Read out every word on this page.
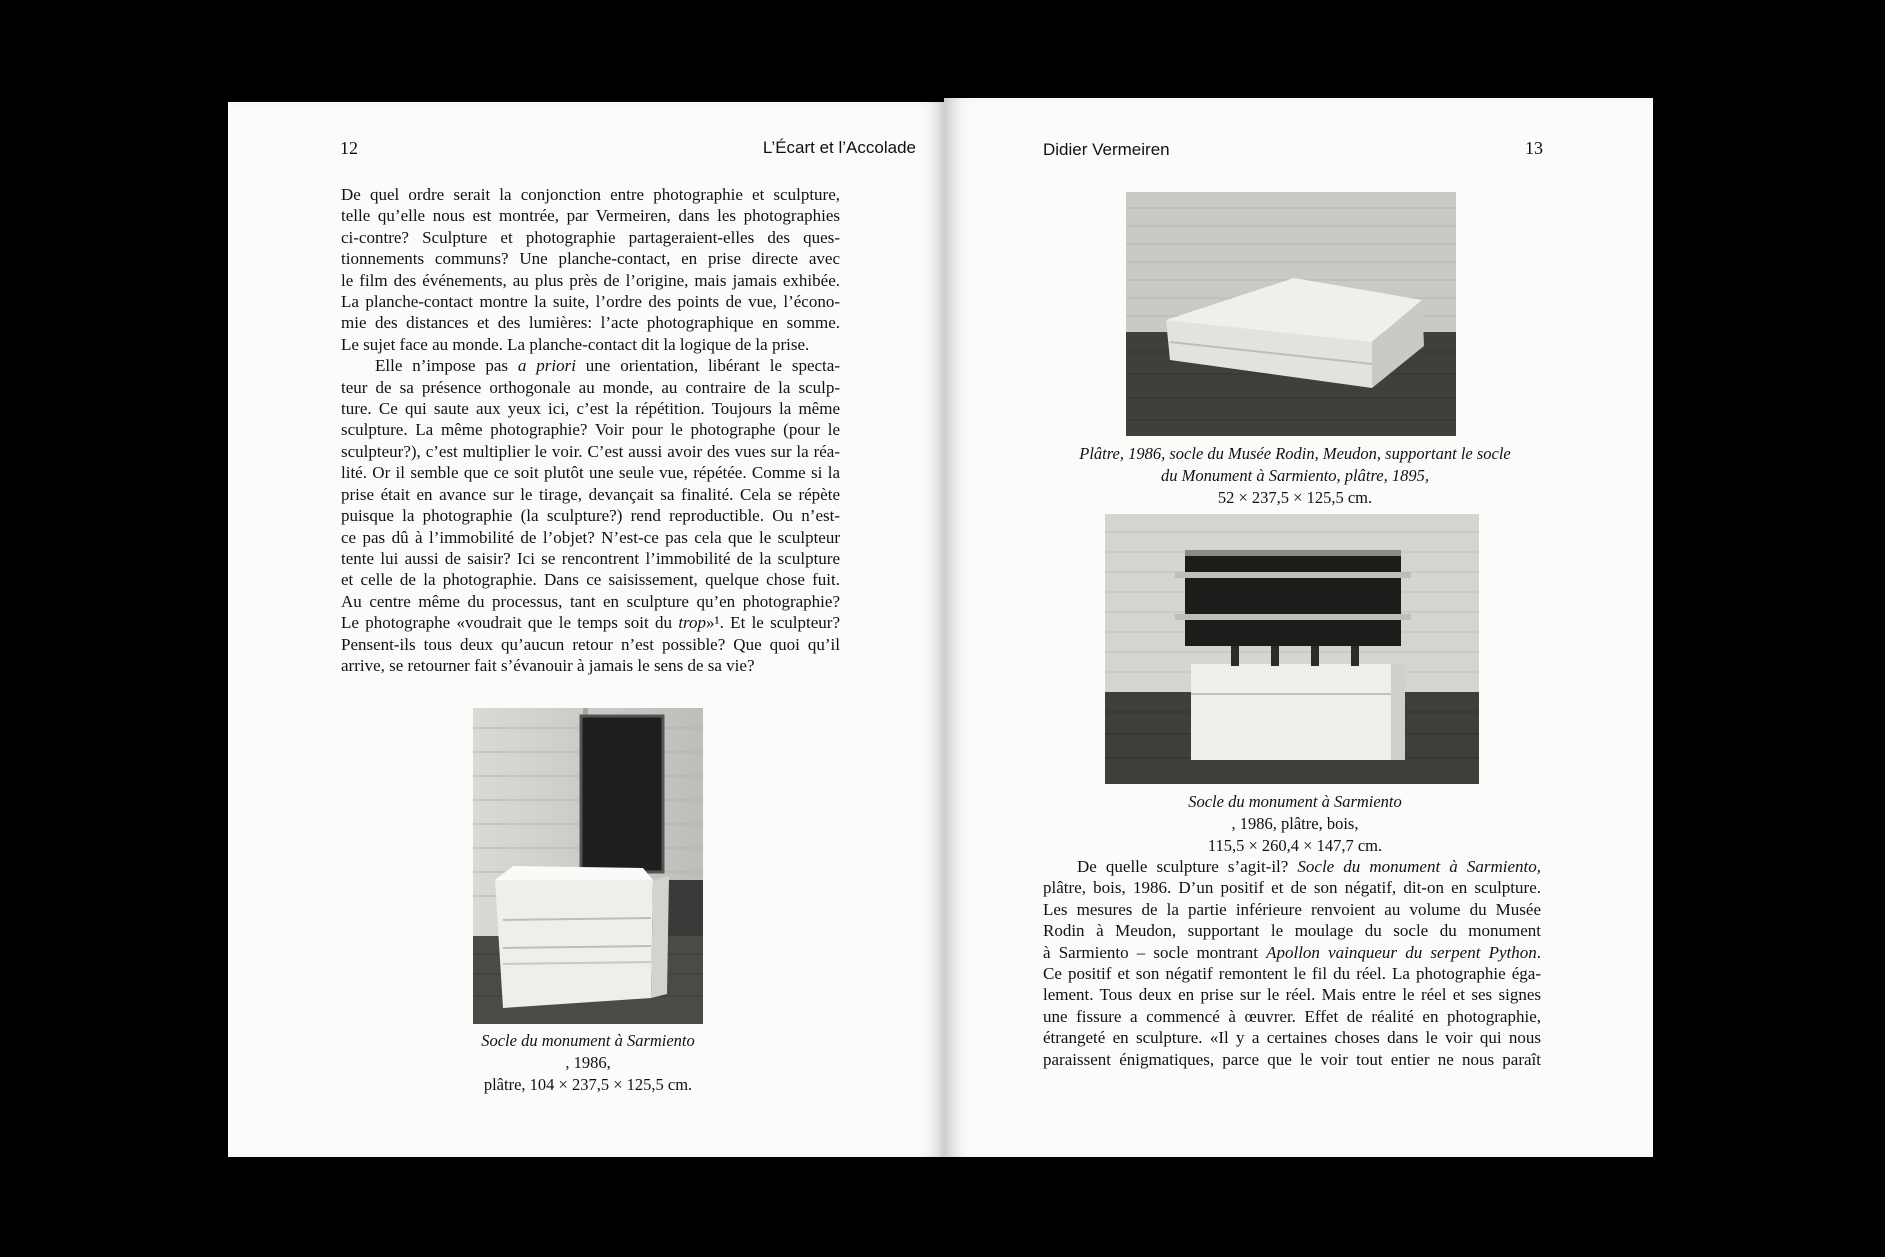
12	L’Écart et l’Accolade

De quel ordre serait la conjonction entre photographie et sculpture,
telle qu’elle nous est montrée, par Vermeiren, dans les photographies
ci-contre? Sculpture et photographie partageraient-elles des ques-
tionnements communs? Une planche-contact, en prise directe avec
le film des événements, au plus près de l’origine, mais jamais exhibée.
La planche-contact montre la suite, l’ordre des points de vue, l’écono-
mie des distances et des lumières: l’acte photographique en somme.
Le sujet face au monde. La planche-contact dit la logique de la prise.

Elle n’impose pas a priori une orientation, libérant le specta-
teur de sa présence orthogonale au monde, au contraire de la sculp-
ture. Ce qui saute aux yeux ici, c’est la répétition. Toujours la même
sculpture. La même photographie? Voir pour le photographe (pour le
sculpteur?), c’est multiplier le voir. C’est aussi avoir des vues sur la réa-
lité. Or il semble que ce soit plutôt une seule vue, répétée. Comme si la
prise était en avance sur le tirage, devançait sa finalité. Cela se répète
puisque la photographie (la sculpture?) rend reproductible. Ou n’est-
ce pas dû à l’immobilité de l’objet? N’est-ce pas cela que le sculpteur
tente lui aussi de saisir? Ici se rencontrent l’immobilité de la sculpture
et celle de la photographie. Dans ce saisissement, quelque chose fuit.
Au centre même du processus, tant en sculpture qu’en photographie?
Le photographe «voudrait que le temps soit du trop»¹. Et le sculpteur?
Pensent-ils tous deux qu’aucun retour n’est possible? Que quoi qu’il
arrive, se retourner fait s’évanouir à jamais le sens de sa vie?

Socle du monument à Sarmiento
, 1986,
plâtre, 104 × 237,5 × 125,5 cm.
Didier Vermeiren	13
Plâtre, 1986, socle du Musée Rodin, Meudon, supportant le socle
du Monument à Sarmiento, plâtre, 1895,
52 × 237,5 × 125,5 cm.
Socle du monument à Sarmiento
, 1986, plâtre, bois,
115,5 × 260,4 × 147,7 cm.

De quelle sculpture s’agit-il? Socle du monument à Sarmiento,
plâtre, bois, 1986. D’un positif et de son négatif, dit-on en sculpture.
Les mesures de la partie inférieure renvoient au volume du Musée
Rodin à Meudon, supportant le moulage du socle du monument
à Sarmiento – socle montrant Apollon vainqueur du serpent Python.
Ce positif et son négatif remontent le fil du réel. La photographie éga-
lement. Tous deux en prise sur le réel. Mais entre le réel et ses signes
une fissure a commencé à œuvrer. Effet de réalité en photographie,
étrangeté en sculpture. «Il y a certaines choses dans le voir qui nous
paraissent énigmatiques, parce que le voir tout entier ne nous paraît
